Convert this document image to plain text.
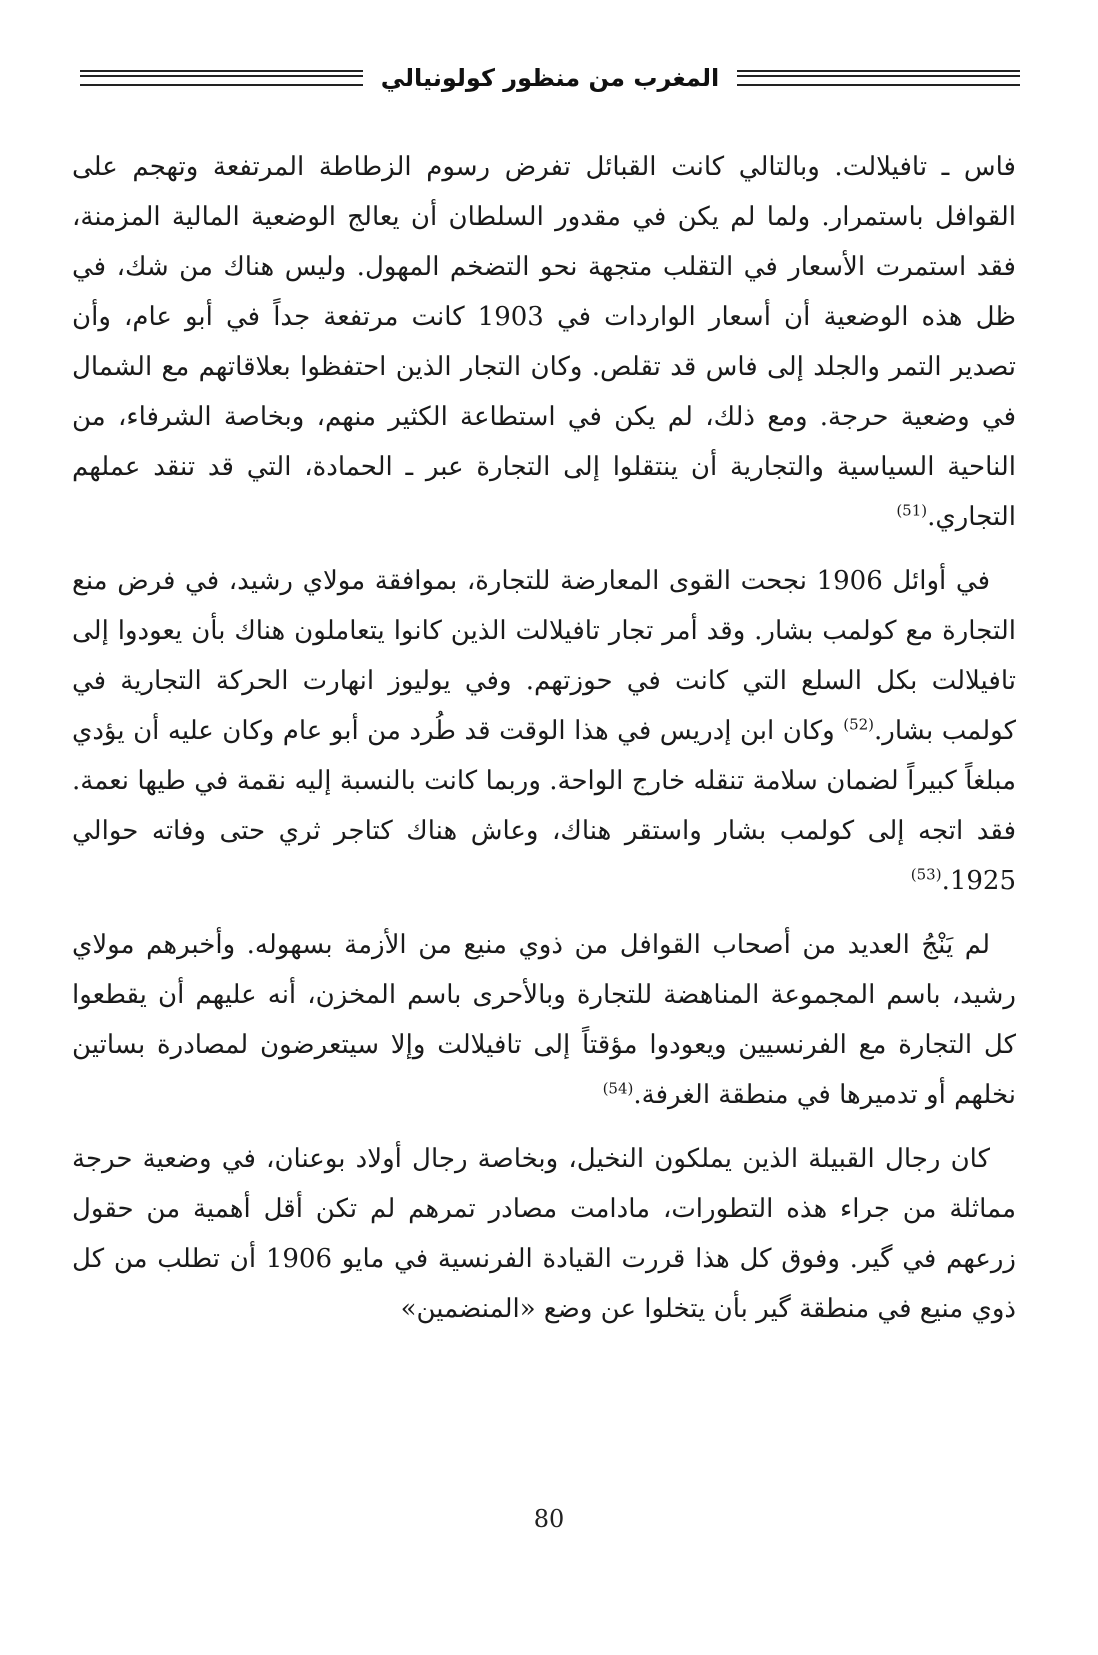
المغرب من منظور كولونيالي

فاس ـ تافيلالت. وبالتالي كانت القبائل تفرض رسوم الزطاطة المرتفعة وتهجم على القوافل باستمرار. ولما لم يكن في مقدور السلطان أن يعالج الوضعية المالية المزمنة، فقد استمرت الأسعار في التقلب متجهة نحو التضخم المهول. وليس هناك من شك، في ظل هذه الوضعية أن أسعار الواردات في 1903 كانت مرتفعة جداً في أبو عام، وأن تصدير التمر والجلد إلى فاس قد تقلص. وكان التجار الذين احتفظوا بعلاقاتهم مع الشمال في وضعية حرجة. ومع ذلك، لم يكن في استطاعة الكثير منهم، وبخاصة الشرفاء، من الناحية السياسية والتجارية أن ينتقلوا إلى التجارة عبر ـ الحمادة، التي قد تنقد عملهم التجاري.$^{(51)}$

في أوائل 1906 نجحت القوى المعارضة للتجارة، بموافقة مولاي رشيد، في فرض منع التجارة مع كولمب بشار. وقد أمر تجار تافيلالت الذين كانوا يتعاملون هناك بأن يعودوا إلى تافيلالت بكل السلع التي كانت في حوزتهم. وفي يوليوز انهارت الحركة التجارية في كولمب بشار.$^{(52)}$ وكان ابن إدريس في هذا الوقت قد طُرد من أبو عام وكان عليه أن يؤدي مبلغاً كبيراً لضمان سلامة تنقله خارج الواحة. وربما كانت بالنسبة إليه نقمة في طيها نعمة. فقد اتجه إلى كولمب بشار واستقر هناك، وعاش هناك كتاجر ثري حتى وفاته حوالي 1925.$^{(53)}$

لم يَنْجُ العديد من أصحاب القوافل من ذوي منيع من الأزمة بسهوله. وأخبرهم مولاي رشيد، باسم المجموعة المناهضة للتجارة وبالأحرى باسم المخزن، أنه عليهم أن يقطعوا كل التجارة مع الفرنسيين ويعودوا مؤقتاً إلى تافيلالت وإلا سيتعرضون لمصادرة بساتين نخلهم أو تدميرها في منطقة الغرفة.$^{(54)}$

كان رجال القبيلة الذين يملكون النخيل، وبخاصة رجال أولاد بوعنان، في وضعية حرجة مماثلة من جراء هذه التطورات، مادامت مصادر تمرهم لم تكن أقل أهمية من حقول زرعهم في گير. وفوق كل هذا قررت القيادة الفرنسية في مايو 1906 أن تطلب من كل ذوي منيع في منطقة گير بأن يتخلوا عن وضع «المنضمين»

80
